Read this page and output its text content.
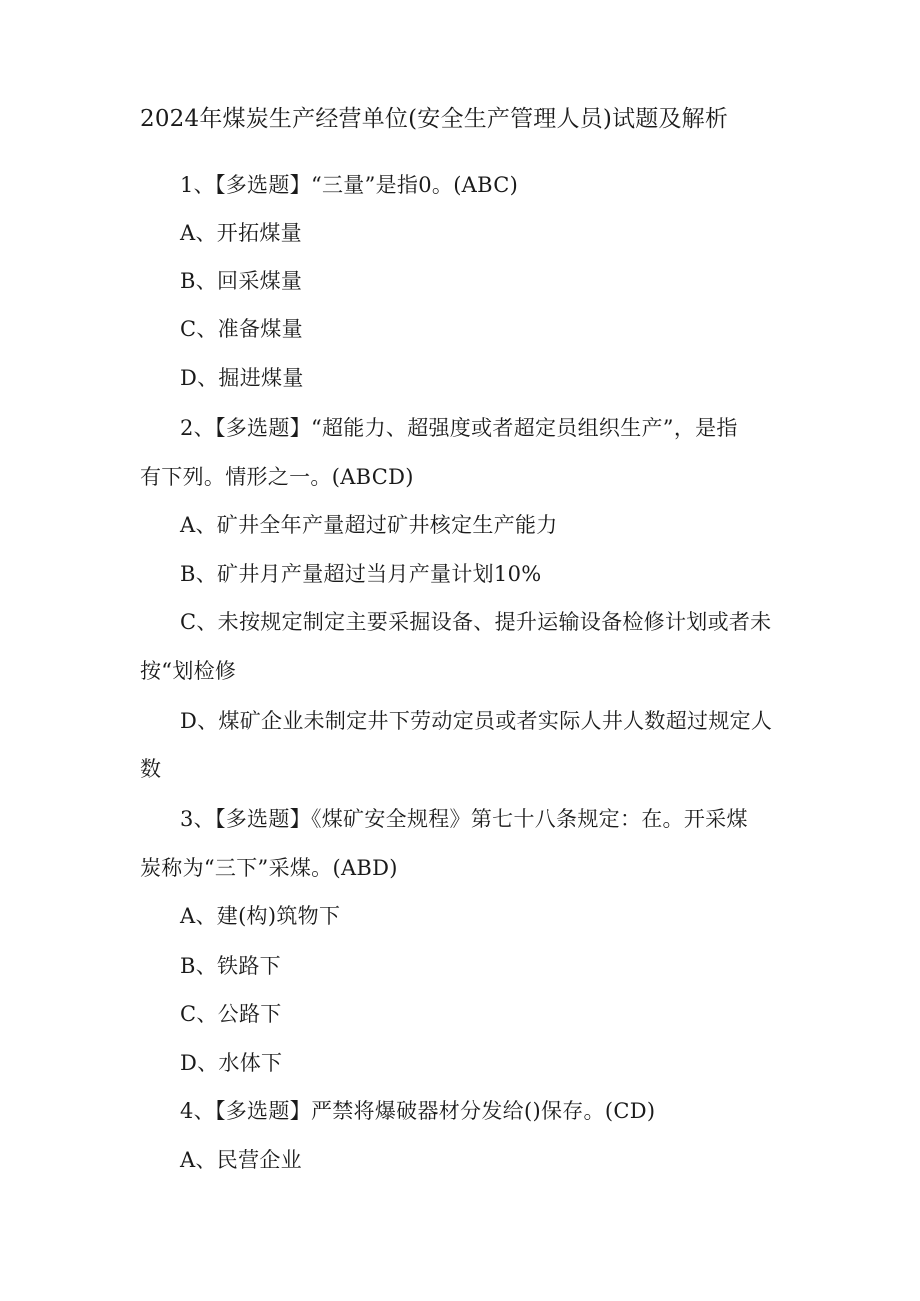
2024年煤炭生产经营单位(安全生产管理人员)试题及解析
1、【多选题】“三量”是指0。(ABC)
A、开拓煤量
B、回采煤量
C、准备煤量
D、掘进煤量
2、【多选题】“超能力、超强度或者超定员组织生产”，是指
有下列。情形之一。(ABCD)
A、矿井全年产量超过矿井核定生产能力
B、矿井月产量超过当月产量计划10%
C、未按规定制定主要采掘设备、提升运输设备检修计划或者未
按“划检修
D、煤矿企业未制定井下劳动定员或者实际人井人数超过规定人
数
3、【多选题】《煤矿安全规程》第七十八条规定：在。开采煤
炭称为“三下”采煤。(ABD)
A、建(构)筑物下
B、铁路下
C、公路下
D、水体下
4、【多选题】严禁将爆破器材分发给()保存。(CD)
A、民营企业
